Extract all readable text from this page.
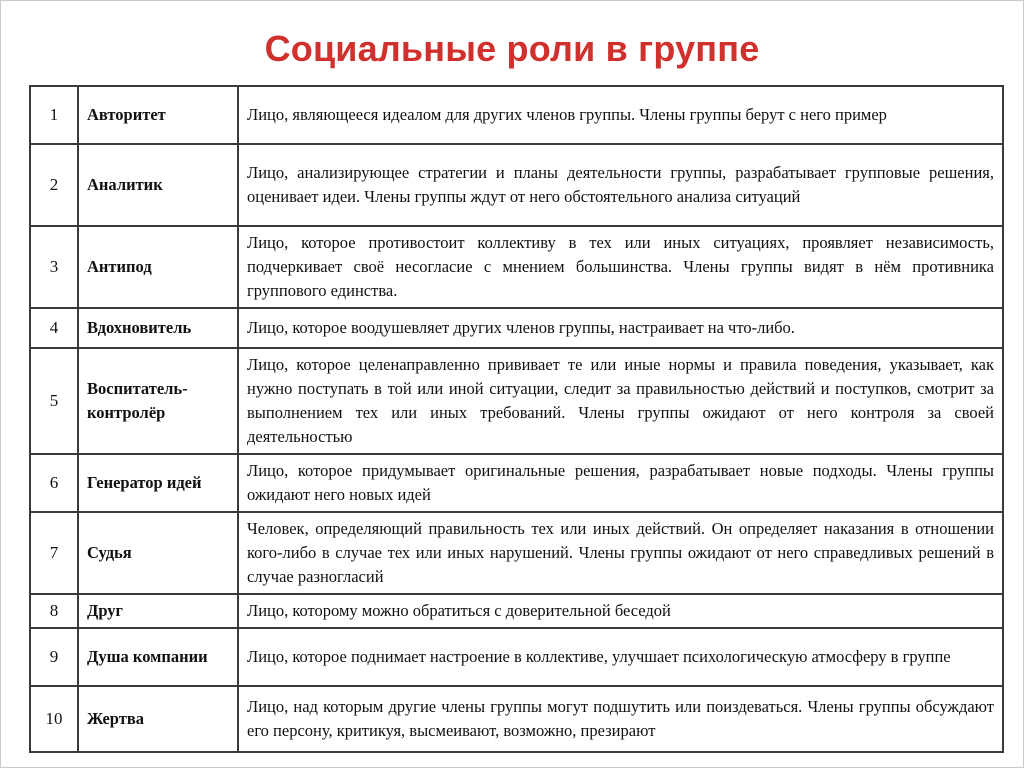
Социальные роли в группе
1	Авторитет	Лицо, являющееся идеалом для других членов группы. Члены группы берут с него пример
2	Аналитик	Лицо, анализирующее стратегии и планы деятельности группы, разрабатывает групповые решения, оценивает идеи. Члены группы ждут от него обстоятельного анализа ситуаций
3	Антипод	Лицо, которое противостоит коллективу в тех или иных ситуациях, проявляет независимость, подчеркивает своё несогласие с мнением большинства. Члены группы видят в нём противника группового единства.
4	Вдохновитель	Лицо, которое воодушевляет других членов группы, настраивает на что-либо.
5	Воспитатель-контролёр	Лицо, которое целенаправленно прививает те или иные нормы и правила поведения, указывает, как нужно поступать в той или иной ситуации, следит за правильностью действий и поступков, смотрит за выполнением тех или иных требований. Члены группы ожидают от него контроля за своей деятельностью
6	Генератор идей	Лицо, которое придумывает оригинальные решения, разрабатывает новые подходы. Члены группы ожидают него новых идей
7	Судья	Человек, определяющий правильность тех или иных действий. Он определяет наказания в отношении кого-либо в случае тех или иных нарушений. Члены группы ожидают от него справедливых решений в случае разногласий
8	Друг	Лицо, которому можно обратиться с доверительной беседой
9	Душа компании	Лицо, которое поднимает настроение в коллективе, улучшает психологическую атмосферу в группе
10	Жертва	Лицо, над которым другие члены группы могут подшутить или поиздеваться. Члены группы обсуждают его персону, критикуя, высмеивают, возможно, презирают
